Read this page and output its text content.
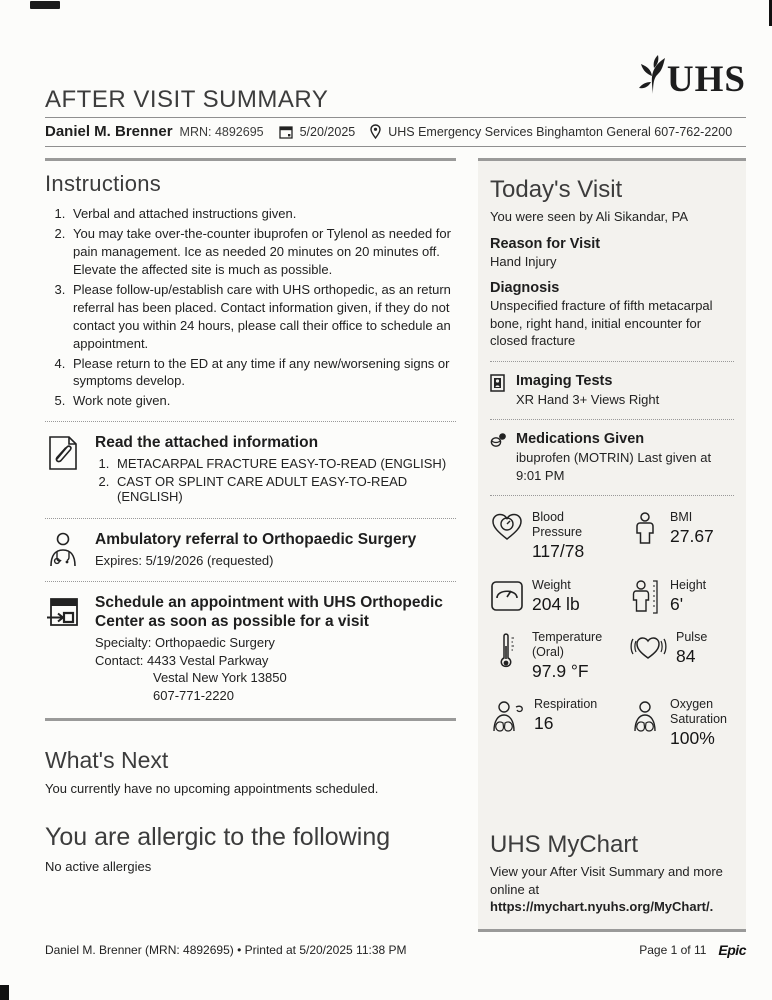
UHS
AFTER VISIT SUMMARY
Daniel M. Brenner MRN: 4892695	5/20/2025	UHS Emergency Services Binghamton General 607-762-2200
Instructions
1. Verbal and attached instructions given.
2. You may take over-the-counter ibuprofen or Tylenol as needed for pain management. Ice as needed 20 minutes on 20 minutes off. Elevate the affected site is much as possible.
3. Please follow-up/establish care with UHS orthopedic, as an return referral has been placed. Contact information given, if they do not contact you within 24 hours, please call their office to schedule an appointment.
4. Please return to the ED at any time if any new/worsening signs or symptoms develop.
5. Work note given.
Read the attached information
1. METACARPAL FRACTURE EASY-TO-READ (ENGLISH)
2. CAST OR SPLINT CARE ADULT EASY-TO-READ (ENGLISH)
Ambulatory referral to Orthopaedic Surgery
Expires: 5/19/2026 (requested)
Schedule an appointment with UHS Orthopedic Center as soon as possible for a visit
Specialty: Orthopaedic Surgery
Contact: 4433 Vestal Parkway
Vestal New York 13850
607-771-2220
What's Next
You currently have no upcoming appointments scheduled.
You are allergic to the following
No active allergies
Today's Visit
You were seen by Ali Sikandar, PA
Reason for Visit
Hand Injury
Diagnosis
Unspecified fracture of fifth metacarpal bone, right hand, initial encounter for closed fracture
Imaging Tests
XR Hand 3+ Views Right
Medications Given
ibuprofen (MOTRIN) Last given at 9:01 PM
Blood Pressure
117/78
BMI
27.67
Weight
204 lb
Height
6'
Temperature (Oral)
97.9 °F
Pulse
84
Respiration
16
Oxygen Saturation
100%
UHS MyChart
View your After Visit Summary and more online at https://mychart.nyuhs.org/MyChart/.
Daniel M. Brenner (MRN: 4892695) • Printed at 5/20/2025 11:38 PM	Page 1 of 11 Epic
